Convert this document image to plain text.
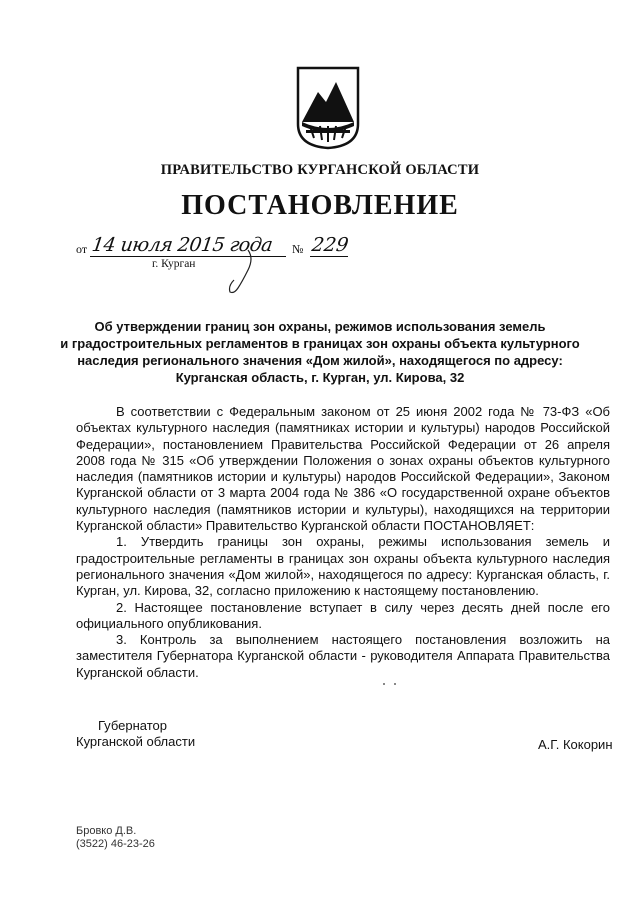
ПРАВИТЕЛЬСТВО КУРГАНСКОЙ ОБЛАСТИ
ПОСТАНОВЛЕНИЕ
от 14 июля 2015 года № 229
г. Курган
Об утверждении границ зон охраны, режимов использования земель
и градостроительных регламентов в границах зон охраны объекта культурного
наследия регионального значения «Дом жилой», находящегося по адресу:
Курганская область, г. Курган, ул. Кирова, 32

В соответствии с Федеральным законом от 25 июня 2002 года № 73-ФЗ «Об объектах культурного наследия (памятниках истории и культуры) народов Российской Федерации», постановлением Правительства Российской Федерации от 26 апреля 2008 года № 315 «Об утверждении Положения о зонах охраны объектов культурного наследия (памятников истории и культуры) народов Российской Федерации», Законом Курганской области от 3 марта 2004 года № 386 «О государственной охране объектов культурного наследия (памятников истории и культуры), находящихся на территории Курганской области» Правительство Курганской области ПОСТАНОВЛЯЕТ:

1. Утвердить границы зон охраны, режимы использования земель и градостроительные регламенты в границах зон охраны объекта культурного наследия регионального значения «Дом жилой», находящегося по адресу: Курганская область, г. Курган, ул. Кирова, 32, согласно приложению к настоящему постановлению.

2. Настоящее постановление вступает в силу через десять дней после его официального опубликования.

3. Контроль за выполнением настоящего постановления возложить на заместителя Губернатора Курганской области - руководителя Аппарата Правительства Курганской области.

Губернатор
Курганской области	А.Г. Кокорин
Бровко Д.В.
(3522) 46-23-26
